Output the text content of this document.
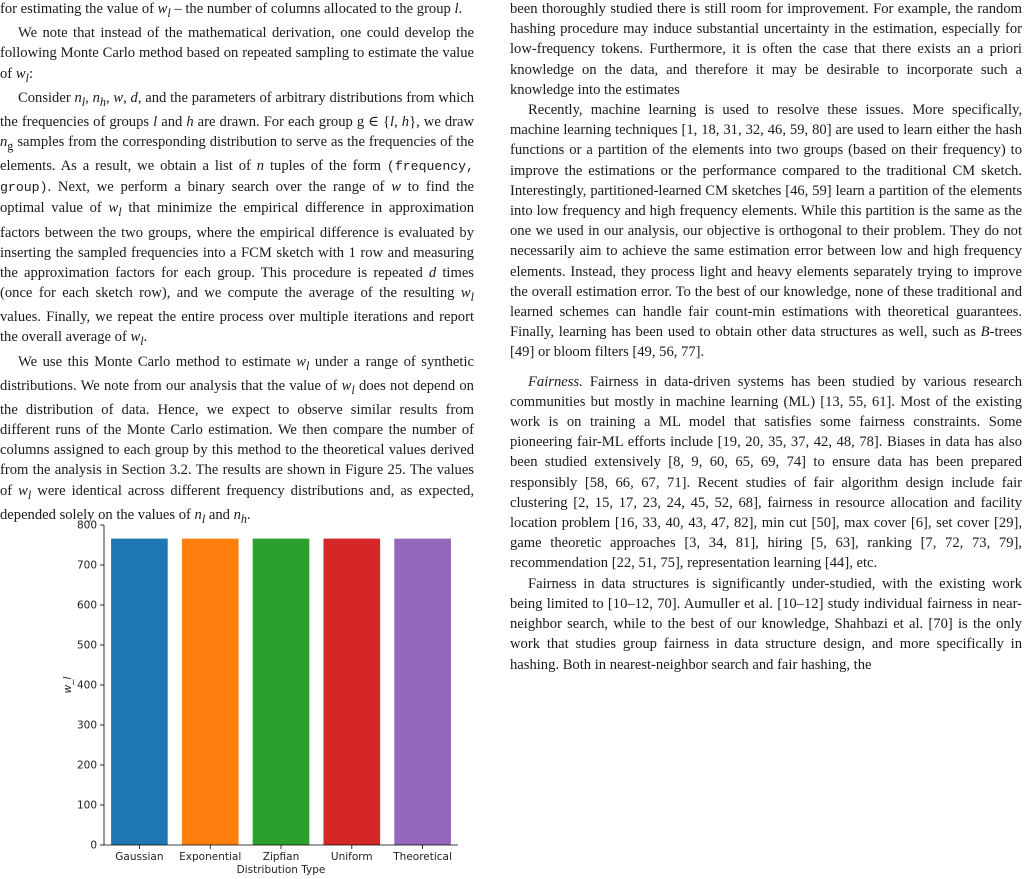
for estimating the value of $w_l$ – the number of columns allocated to the group l.

We note that instead of the mathematical derivation, one could develop the following Monte Carlo method based on repeated sampling to estimate the value of $w_l$:

Consider $n_l$, $n_h$, w, d, and the parameters of arbitrary distributions from which the frequencies of groups l and h are drawn. For each group g ∈ {l, h}, we draw $n_g$ samples from the corresponding distribution to serve as the frequencies of the elements. As a result, we obtain a list of n tuples of the form (frequency, group). Next, we perform a binary search over the range of w to find the optimal value of $w_l$ that minimize the empirical difference in approximation factors between the two groups, where the empirical difference is evaluated by inserting the sampled frequencies into a FCM sketch with 1 row and measuring the approximation factors for each group. This procedure is repeated d times (once for each sketch row), and we compute the average of the resulting $w_l$ values. Finally, we repeat the entire process over multiple iterations and report the overall average of $w_l$.

We use this Monte Carlo method to estimate $w_l$ under a range of synthetic distributions. We note from our analysis that the value of $w_l$ does not depend on the distribution of data. Hence, we expect to observe similar results from different runs of the Monte Carlo estimation. We then compare the number of columns assigned to each group by this method to the theoretical values derived from the analysis in Section 3.2. The results are shown in Figure 25. The values of $w_l$ were identical across different frequency distributions and, as expected, depended solely on the values of $n_l$ and $n_h$.

0
100
200
300
400
500
600
700
800
Gaussian Exponential Zipfian	Uniform Theoretical
Distribution Type
w_l

been thoroughly studied there is still room for improvement. For example, the random hashing procedure may induce substantial uncertainty in the estimation, especially for low-frequency tokens. Furthermore, it is often the case that there exists an a priori knowledge on the data, and therefore it may be desirable to incorporate such a knowledge into the estimates

Recently, machine learning is used to resolve these issues. More specifically, machine learning techniques [1, 18, 31, 32, 46, 59, 80] are used to learn either the hash functions or a partition of the elements into two groups (based on their frequency) to improve the estimations or the performance compared to the traditional CM sketch. Interestingly, partitioned-learned CM sketches [46, 59] learn a partition of the elements into low frequency and high frequency elements. While this partition is the same as the one we used in our analysis, our objective is orthogonal to their problem. They do not necessarily aim to achieve the same estimation error between low and high frequency elements. Instead, they process light and heavy elements separately trying to improve the overall estimation error. To the best of our knowledge, none of these traditional and learned schemes can handle fair count-min estimations with theoretical guarantees. Finally, learning has been used to obtain other data structures as well, such as B-trees [49] or bloom filters [49, 56, 77].

Fairness. Fairness in data-driven systems has been studied by various research communities but mostly in machine learning (ML) [13, 55, 61]. Most of the existing work is on training a ML model that satisfies some fairness constraints. Some pioneering fair-ML efforts include [19, 20, 35, 37, 42, 48, 78]. Biases in data has also been studied extensively [8, 9, 60, 65, 69, 74] to ensure data has been prepared responsibly [58, 66, 67, 71]. Recent studies of fair algorithm design include fair clustering [2, 15, 17, 23, 24, 45, 52, 68], fairness in resource allocation and facility location problem [16, 33, 40, 43, 47, 82], min cut [50], max cover [6], set cover [29], game theoretic approaches [3, 34, 81], hiring [5, 63], ranking [7, 72, 73, 79], recommendation [22, 51, 75], representation learning [44], etc.

Fairness in data structures is significantly under-studied, with the existing work being limited to [10–12, 70]. Aumuller et al. [10–12] study individual fairness in near-neighbor search, while to the best of our knowledge, Shahbazi et al. [70] is the only work that studies group fairness in data structure design, and more specifically in hashing. Both in nearest-neighbor search and fair hashing, the
